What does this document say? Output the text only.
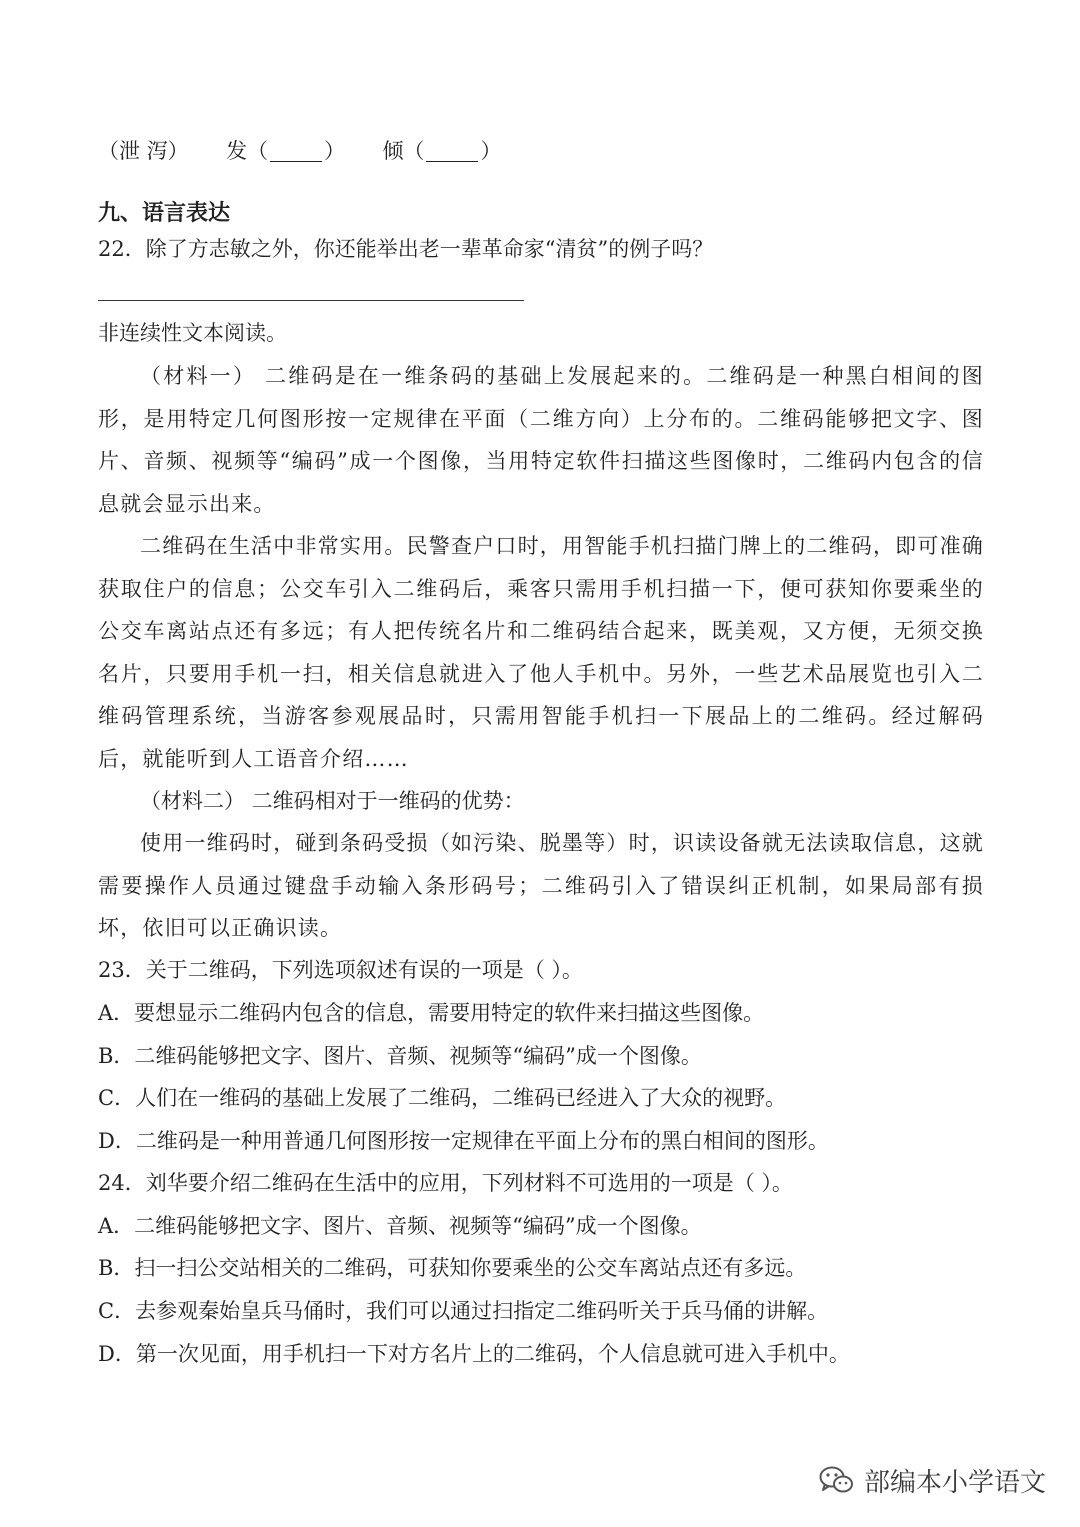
（泄 泻） 发（	） 倾（	）
九、语言表达
22．除了方志敏之外，你还能举出老一辈革命家“清贫”的例子吗？
非连续性文本阅读。
（材料一） 二维码是在一维条码的基础上发展起来的。二维码是一种黑白相间的图形，是用特定几何图形按一定规律在平面（二维方向）上分布的。二维码能够把文字、图片、音频、视频等“编码”成一个图像，当用特定软件扫描这些图像时，二维码内包含的信息就会显示出来。
二维码在生活中非常实用。民警查户口时，用智能手机扫描门牌上的二维码，即可准确获取住户的信息；公交车引入二维码后，乘客只需用手机扫描一下，便可获知你要乘坐的公交车离站点还有多远；有人把传统名片和二维码结合起来，既美观，又方便，无须交换名片，只要用手机一扫，相关信息就进入了他人手机中。另外，一些艺术品展览也引入二维码管理系统，当游客参观展品时，只需用智能手机扫一下展品上的二维码。经过解码后，就能听到人工语音介绍……
（材料二） 二维码相对于一维码的优势：
使用一维码时，碰到条码受损（如污染、脱墨等）时，识读设备就无法读取信息，这就需要操作人员通过键盘手动输入条形码号；二维码引入了错误纠正机制，如果局部有损坏，依旧可以正确识读。
23．关于二维码，下列选项叙述有误的一项是（ ）。
A．要想显示二维码内包含的信息，需要用特定的软件来扫描这些图像。
B．二维码能够把文字、图片、音频、视频等“编码”成一个图像。
C．人们在一维码的基础上发展了二维码，二维码已经进入了大众的视野。
D．二维码是一种用普通几何图形按一定规律在平面上分布的黑白相间的图形。
24．刘华要介绍二维码在生活中的应用，下列材料不可选用的一项是（ ）。
A．二维码能够把文字、图片、音频、视频等“编码”成一个图像。
B．扫一扫公交站相关的二维码，可获知你要乘坐的公交车离站点还有多远。
C．去参观秦始皇兵马俑时，我们可以通过扫指定二维码听关于兵马俑的讲解。
D．第一次见面，用手机扫一下对方名片上的二维码，个人信息就可进入手机中。
部编本小学语文
